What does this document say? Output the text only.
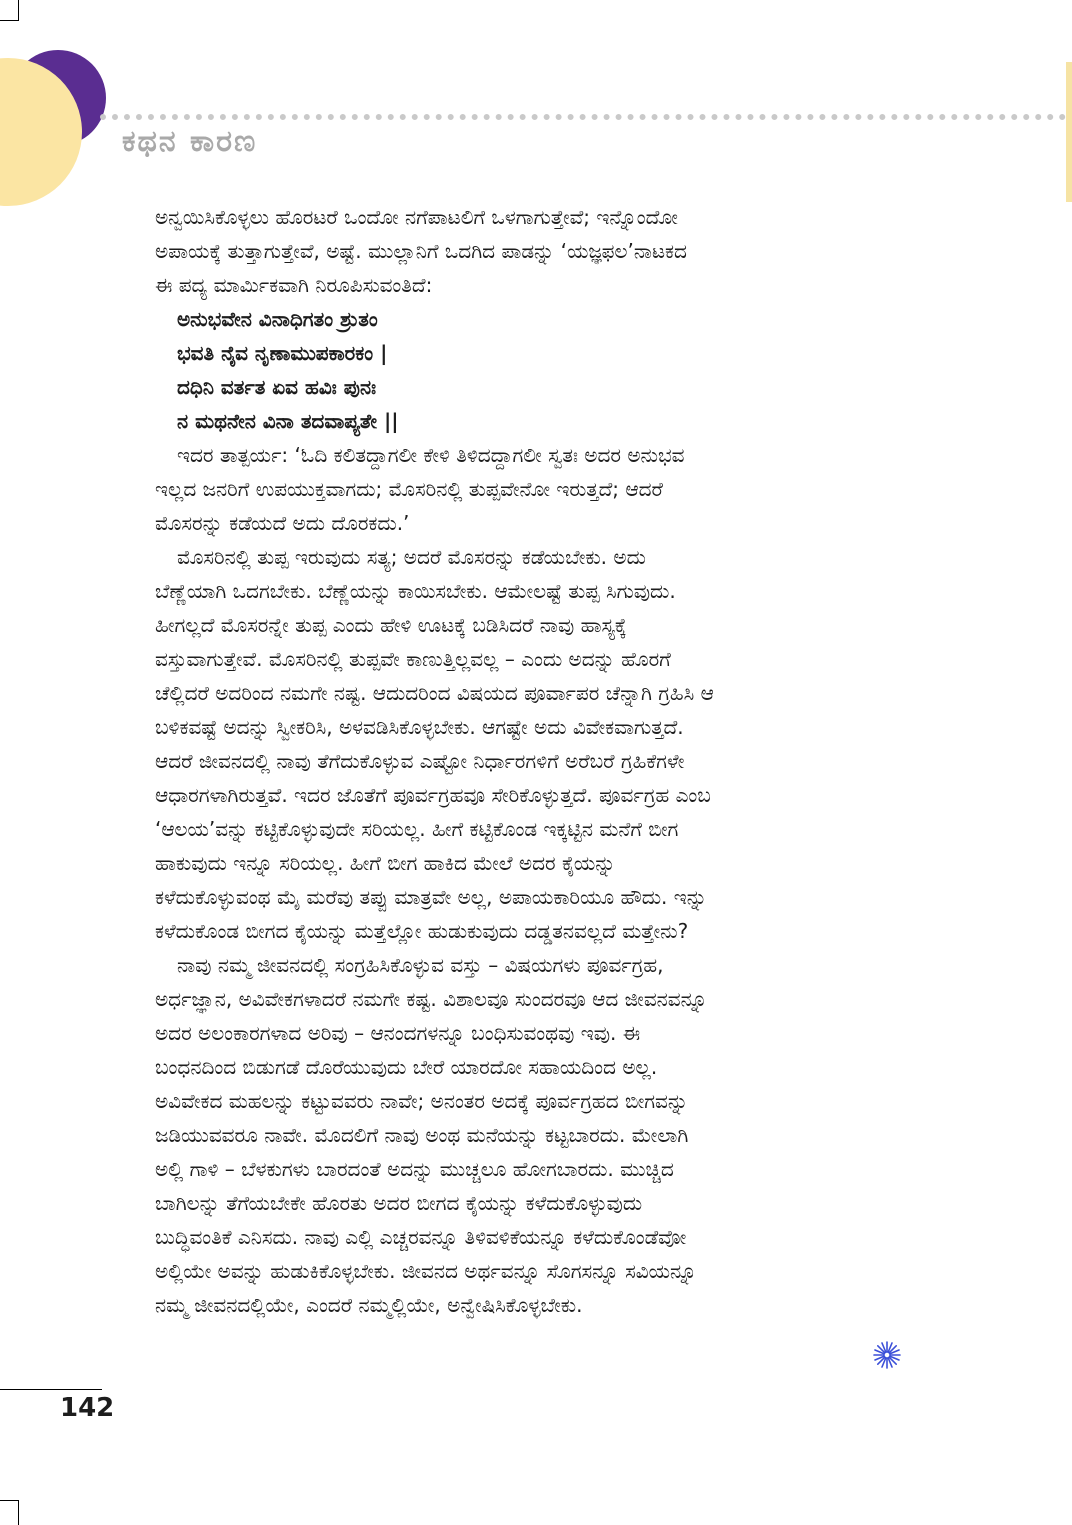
ಕಥನ ಕಾರಣ
ಅನ್ವಯಿಸಿಕೊಳ್ಳಲು ಹೊರಟರೆ ಒಂದೋ ನಗೆಪಾಟಲಿಗೆ ಒಳಗಾಗುತ್ತೇವೆ; ಇನ್ನೊಂದೋ
ಅಪಾಯಕ್ಕೆ ತುತ್ತಾಗುತ್ತೇವೆ, ಅಷ್ಟೆ. ಮುಲ್ಲಾನಿಗೆ ಒದಗಿದ ಪಾಡನ್ನು ‘ಯಜ್ಞಫಲ’ನಾಟಕದ
ಈ ಪದ್ಯ ಮಾರ್ಮಿಕವಾಗಿ ನಿರೂಪಿಸುವಂತಿದೆ:
ಅನುಭವೇನ ವಿನಾಧಿಗತಂ ಶ್ರುತಂ
ಭವತಿ ನೈವ ನೃಣಾಮುಪಕಾರಕಂ |
ದಧಿನಿ ವರ್ತತ ಏವ ಹವಿಃ ಪುನಃ
ನ ಮಥನೇನ ವಿನಾ ತದವಾಪ್ಯತೇ ||
ಇದರ ತಾತ್ಪರ್ಯ: ‘ಓದಿ ಕಲಿತದ್ದಾಗಲೀ ಕೇಳಿ ತಿಳಿದದ್ದಾಗಲೀ ಸ್ವತಃ ಅದರ ಅನುಭವ
ಇಲ್ಲದ ಜನರಿಗೆ ಉಪಯುಕ್ತವಾಗದು; ಮೊಸರಿನಲ್ಲಿ ತುಪ್ಪವೇನೋ ಇರುತ್ತದೆ; ಆದರೆ
ಮೊಸರನ್ನು ಕಡೆಯದೆ ಅದು ದೊರಕದು.’
ಮೊಸರಿನಲ್ಲಿ ತುಪ್ಪ ಇರುವುದು ಸತ್ಯ; ಅದರೆ ಮೊಸರನ್ನು ಕಡೆಯಬೇಕು. ಅದು
ಬೆಣ್ಣೆಯಾಗಿ ಒದಗಬೇಕು. ಬೆಣ್ಣೆಯನ್ನು ಕಾಯಿಸಬೇಕು. ಆಮೇಲಷ್ಟೆ ತುಪ್ಪ ಸಿಗುವುದು.
ಹೀಗಲ್ಲದೆ ಮೊಸರನ್ನೇ ತುಪ್ಪ ಎಂದು ಹೇಳಿ ಊಟಕ್ಕೆ ಬಡಿಸಿದರೆ ನಾವು ಹಾಸ್ಯಕ್ಕೆ
ವಸ್ತುವಾಗುತ್ತೇವೆ. ಮೊಸರಿನಲ್ಲಿ ತುಪ್ಪವೇ ಕಾಣುತ್ತಿಲ್ಲವಲ್ಲ – ಎಂದು ಅದನ್ನು ಹೊರಗೆ
ಚೆಲ್ಲಿದರೆ ಅದರಿಂದ ನಮಗೇ ನಷ್ಟ. ಆದುದರಿಂದ ವಿಷಯದ ಪೂರ್ವಾಪರ ಚೆನ್ನಾಗಿ ಗ್ರಹಿಸಿ ಆ
ಬಳಿಕವಷ್ಟೆ ಅದನ್ನು ಸ್ವೀಕರಿಸಿ, ಅಳವಡಿಸಿಕೊಳ್ಳಬೇಕು. ಆಗಷ್ಟೇ ಅದು ವಿವೇಕವಾಗುತ್ತದೆ.
ಆದರೆ ಜೀವನದಲ್ಲಿ ನಾವು ತೆಗೆದುಕೊಳ್ಳುವ ಎಷ್ಟೋ ನಿರ್ಧಾರಗಳಿಗೆ ಅರೆಬರೆ ಗ್ರಹಿಕೆಗಳೇ
ಆಧಾರಗಳಾಗಿರುತ್ತವೆ. ಇದರ ಜೊತೆಗೆ ಪೂರ್ವಗ್ರಹವೂ ಸೇರಿಕೊಳ್ಳುತ್ತದೆ. ಪೂರ್ವಗ್ರಹ ಎಂಬ
‘ಆಲಯ’ವನ್ನು ಕಟ್ಟಿಕೊಳ್ಳುವುದೇ ಸರಿಯಲ್ಲ. ಹೀಗೆ ಕಟ್ಟಿಕೊಂಡ ಇಕ್ಕಟ್ಟಿನ ಮನೆಗೆ ಬೀಗ
ಹಾಕುವುದು ಇನ್ನೂ ಸರಿಯಲ್ಲ. ಹೀಗೆ ಬೀಗ ಹಾಕಿದ ಮೇಲೆ ಅದರ ಕೈಯನ್ನು
ಕಳೆದುಕೊಳ್ಳುವಂಥ ಮೈ ಮರೆವು ತಪ್ಪು ಮಾತ್ರವೇ ಅಲ್ಲ, ಅಪಾಯಕಾರಿಯೂ ಹೌದು. ಇನ್ನು
ಕಳೆದುಕೊಂಡ ಬೀಗದ ಕೈಯನ್ನು ಮತ್ತೆಲ್ಲೋ ಹುಡುಕುವುದು ದಡ್ಡತನವಲ್ಲದೆ ಮತ್ತೇನು?
ನಾವು ನಮ್ಮ ಜೀವನದಲ್ಲಿ ಸಂಗ್ರಹಿಸಿಕೊಳ್ಳುವ ವಸ್ತು – ವಿಷಯಗಳು ಪೂರ್ವಗ್ರಹ,
ಅರ್ಧಜ್ಞಾನ, ಅವಿವೇಕಗಳಾದರೆ ನಮಗೇ ಕಷ್ಟ. ವಿಶಾಲವೂ ಸುಂದರವೂ ಆದ ಜೀವನವನ್ನೂ
ಅದರ ಅಲಂಕಾರಗಳಾದ ಅರಿವು – ಆನಂದಗಳನ್ನೂ ಬಂಧಿಸುವಂಥವು ಇವು. ಈ
ಬಂಧನದಿಂದ ಬಿಡುಗಡೆ ದೊರೆಯುವುದು ಬೇರೆ ಯಾರದೋ ಸಹಾಯದಿಂದ ಅಲ್ಲ.
ಅವಿವೇಕದ ಮಹಲನ್ನು ಕಟ್ಟುವವರು ನಾವೇ; ಅನಂತರ ಅದಕ್ಕೆ ಪೂರ್ವಗ್ರಹದ ಬೀಗವನ್ನು
ಜಡಿಯುವವರೂ ನಾವೇ. ಮೊದಲಿಗೆ ನಾವು ಅಂಥ ಮನೆಯನ್ನು ಕಟ್ಟಬಾರದು. ಮೇಲಾಗಿ
ಅಲ್ಲಿ ಗಾಳಿ – ಬೆಳಕುಗಳು ಬಾರದಂತೆ ಅದನ್ನು ಮುಚ್ಚಲೂ ಹೋಗಬಾರದು. ಮುಚ್ಚಿದ
ಬಾಗಿಲನ್ನು ತೆಗೆಯಬೇಕೇ ಹೊರತು ಅದರ ಬೀಗದ ಕೈಯನ್ನು ಕಳೆದುಕೊಳ್ಳುವುದು
ಬುದ್ಧಿವಂತಿಕೆ ಎನಿಸದು. ನಾವು ಎಲ್ಲಿ ಎಚ್ಚರವನ್ನೂ ತಿಳಿವಳಿಕೆಯನ್ನೂ ಕಳೆದುಕೊಂಡೆವೋ
ಅಲ್ಲಿಯೇ ಅವನ್ನು ಹುಡುಕಿಕೊಳ್ಳಬೇಕು. ಜೀವನದ ಅರ್ಥವನ್ನೂ ಸೊಗಸನ್ನೂ ಸವಿಯನ್ನೂ
ನಮ್ಮ ಜೀವನದಲ್ಲಿಯೇ, ಎಂದರೆ ನಮ್ಮಲ್ಲಿಯೇ, ಅನ್ವೇಷಿಸಿಕೊಳ್ಳಬೇಕು.

142
